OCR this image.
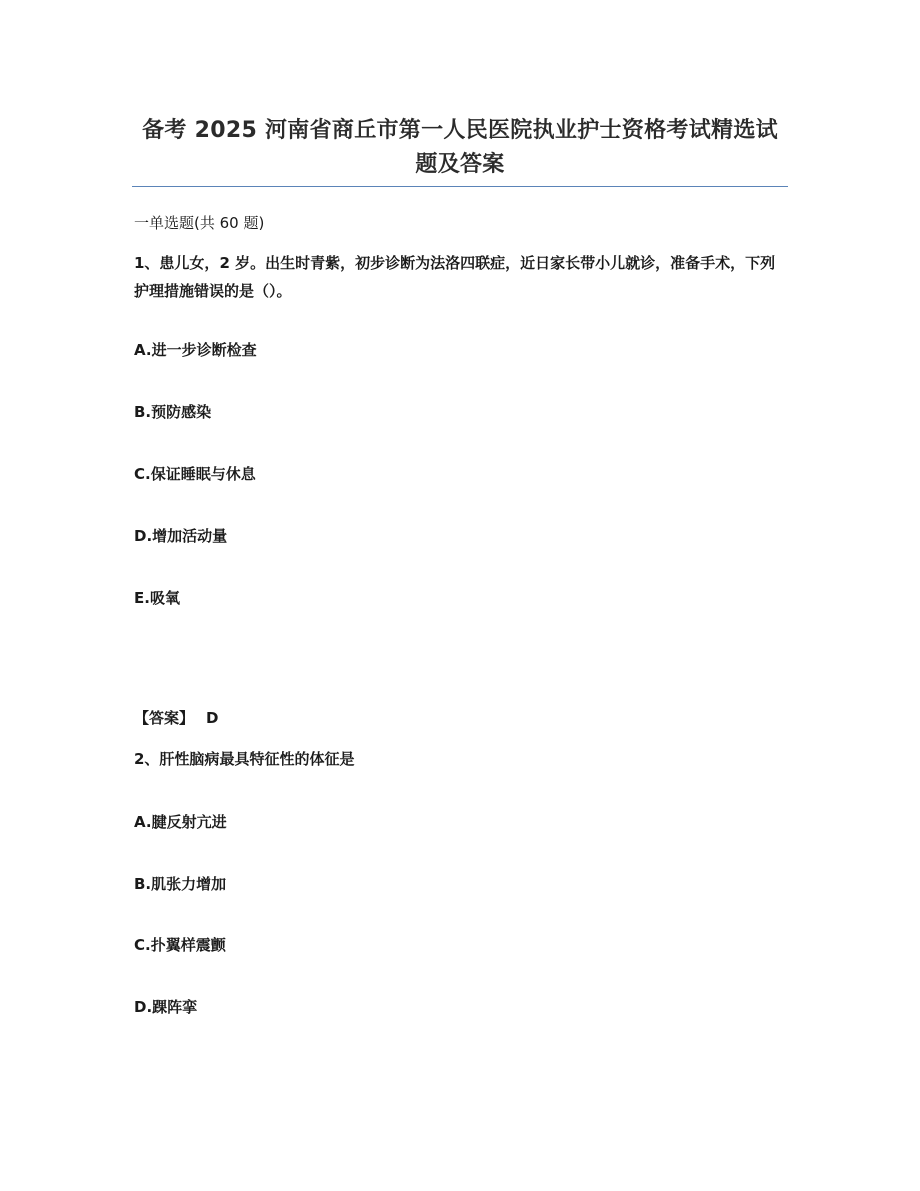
备考 2025 河南省商丘市第一人民医院执业护士资格考试精选试题及答案
一单选题(共 60 题)
1、患儿女，2 岁。出生时青紫，初步诊断为法洛四联症，近日家长带小儿就诊，准备手术，下列护理措施错误的是（）。
A.进一步诊断检查
B.预防感染
C.保证睡眠与休息
D.增加活动量
E.吸氧
【答案】 D
2、肝性脑病最具特征性的体征是
A.腱反射亢进
B.肌张力增加
C.扑翼样震颤
D.踝阵挛
